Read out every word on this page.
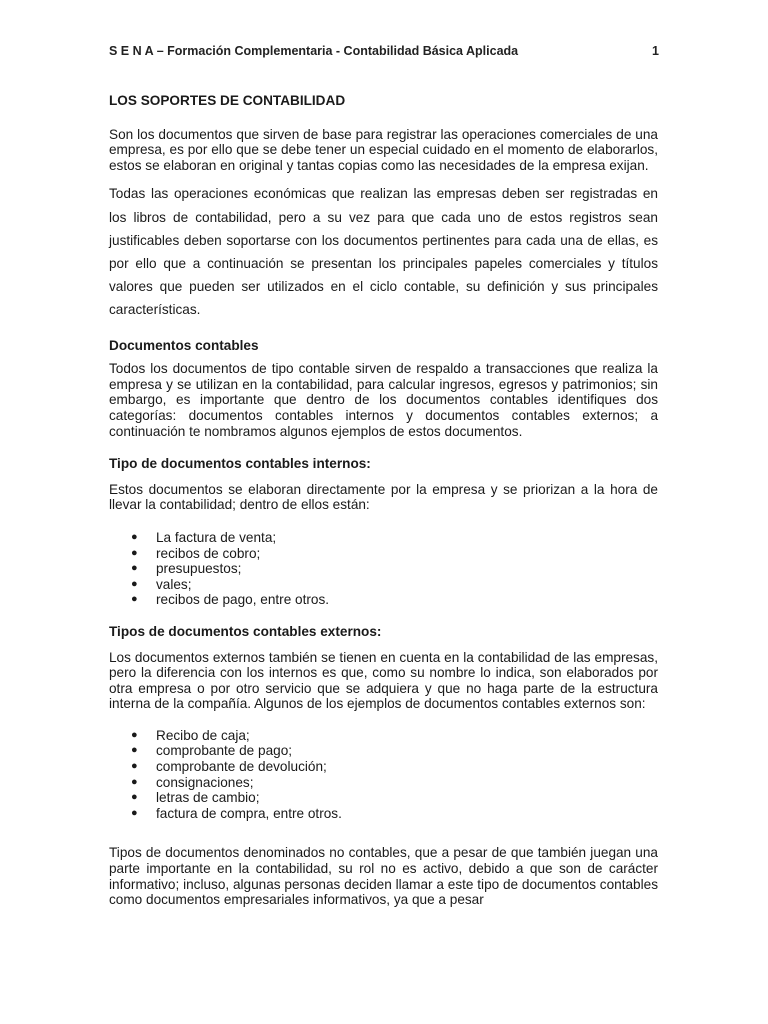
S E N A – Formación Complementaria - Contabilidad Básica Aplicada	1
LOS SOPORTES DE CONTABILIDAD

Son los documentos que sirven de base para registrar las operaciones comerciales de una empresa, es por ello que se debe tener un especial cuidado en el momento de elaborarlos, estos se elaboran en original y tantas copias como las necesidades de la empresa exijan.

Todas las operaciones económicas que realizan las empresas deben ser registradas en los libros de contabilidad, pero a su vez para que cada uno de estos registros sean justificables deben soportarse con los documentos pertinentes para cada una de ellas, es por ello que a continuación se presentan los principales papeles comerciales y títulos valores que pueden ser utilizados en el ciclo contable, su definición y sus principales características.

Documentos contables

Todos los documentos de tipo contable sirven de respaldo a transacciones que realiza la empresa y se utilizan en la contabilidad, para calcular ingresos, egresos y patrimonios; sin embargo, es importante que dentro de los documentos contables identifiques dos categorías: documentos contables internos y documentos contables externos; a continuación te nombramos algunos ejemplos de estos documentos.

Tipo de documentos contables internos:

Estos documentos se elaboran directamente por la empresa y se priorizan a la hora de llevar la contabilidad; dentro de ellos están:

● La factura de venta;
● recibos de cobro;
● presupuestos;
● vales;
● recibos de pago, entre otros.
Tipos de documentos contables externos:

Los documentos externos también se tienen en cuenta en la contabilidad de las empresas, pero la diferencia con los internos es que, como su nombre lo indica, son elaborados por otra empresa o por otro servicio que se adquiera y que no haga parte de la estructura interna de la compañía. Algunos de los ejemplos de documentos contables externos son:

● Recibo de caja;
● comprobante de pago;
● comprobante de devolución;
● consignaciones;
● letras de cambio;
● factura de compra, entre otros.

Tipos de documentos denominados no contables, que a pesar de que también juegan una parte importante en la contabilidad, su rol no es activo, debido a que son de carácter informativo; incluso, algunas personas deciden llamar a este tipo de documentos contables como documentos empresariales informativos, ya que a pesar
